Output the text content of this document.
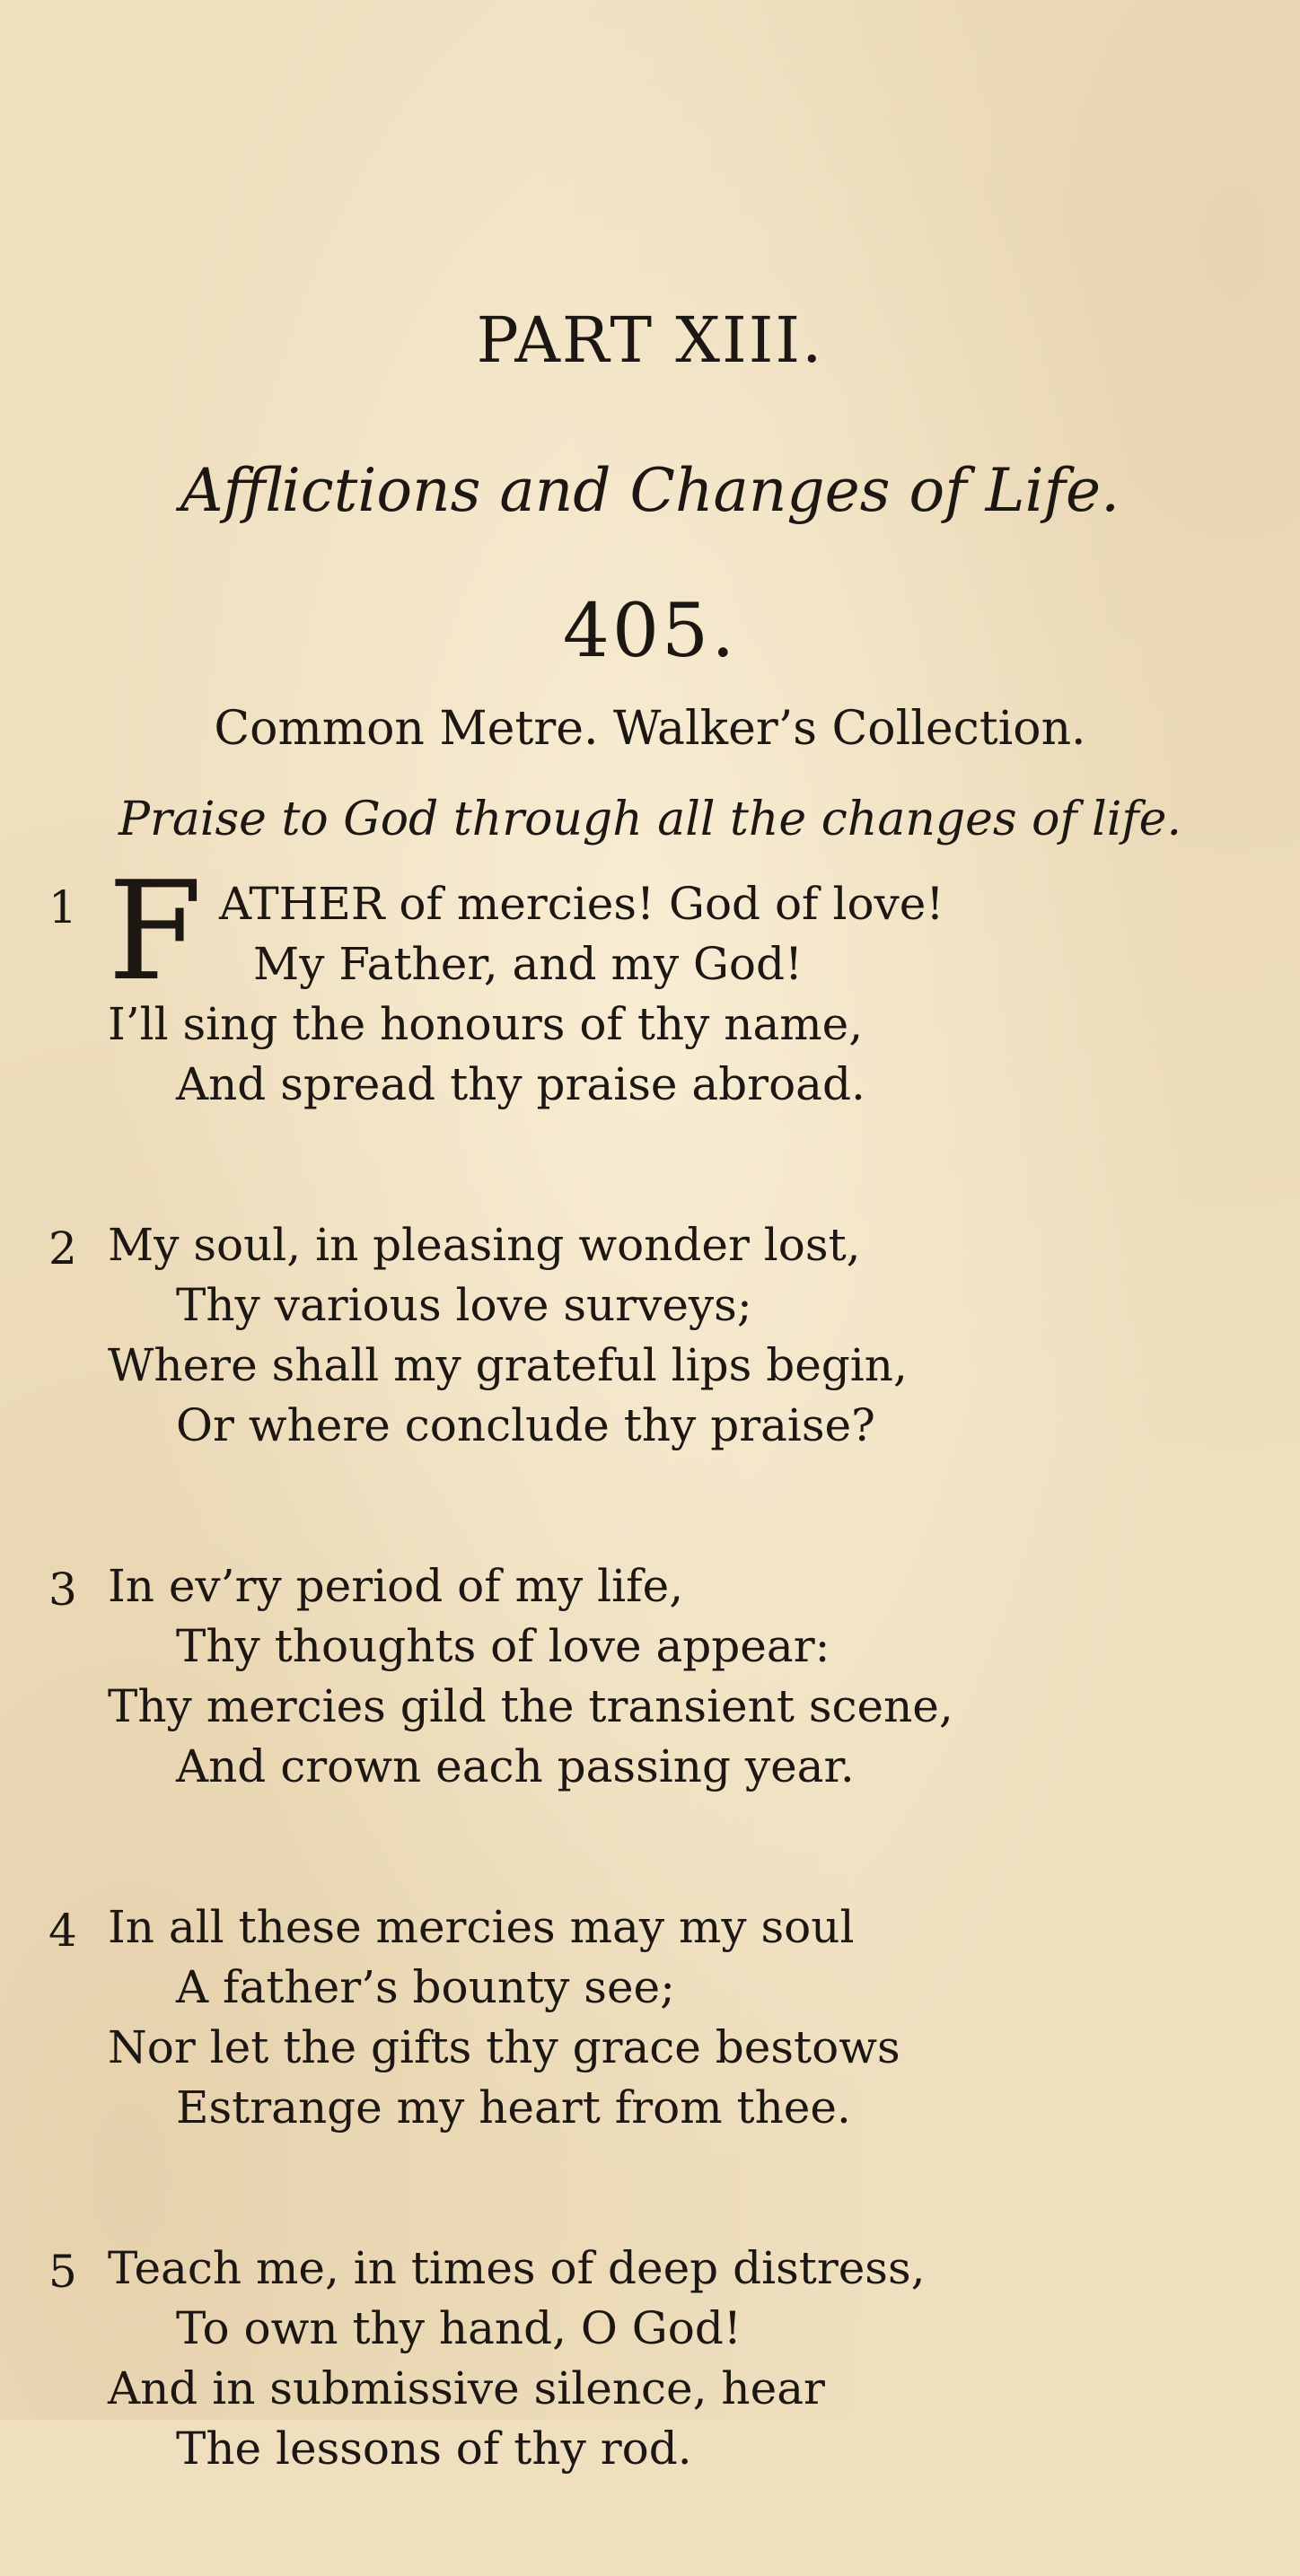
PART XIII.
Afflictions and Changes of Life.
405.
Common Metre. Walker’s Collection.
Praise to God through all the changes of life.
1 F ATHER of mercies! God of love!
My Father, and my God!
I’ll sing the honours of thy name,
And spread thy praise abroad.
2 My soul, in pleasing wonder lost,
Thy various love surveys;
Where shall my grateful lips begin,
Or where conclude thy praise?
3 In ev’ry period of my life,
Thy thoughts of love appear:
Thy mercies gild the transient scene,
And crown each passing year.
4 In all these mercies may my soul
A father’s bounty see;
Nor let the gifts thy grace bestows
Estrange my heart from thee.
5 Teach me, in times of deep distress,
To own thy hand, O God!
And in submissive silence, hear
The lessons of thy rod.
